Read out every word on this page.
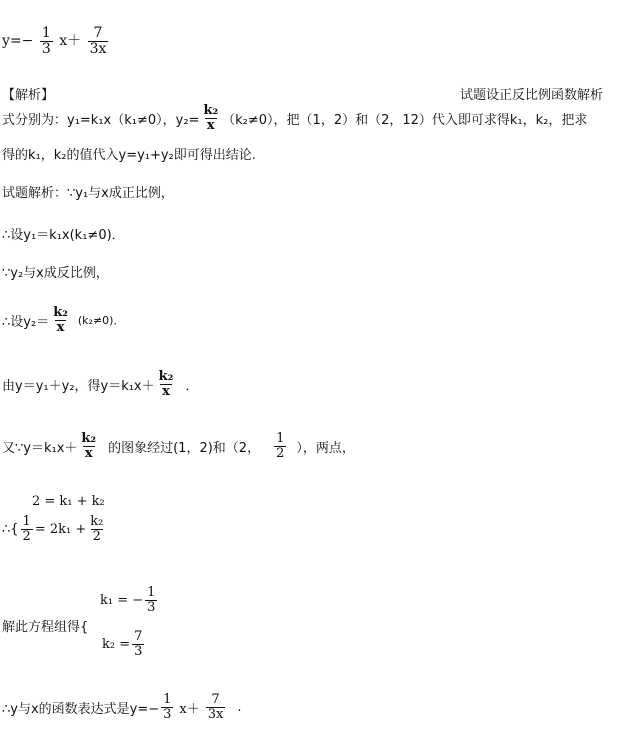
$y=- \frac{1}{3} x+ \frac{7}{3x}$
【解析】	试题设正反比例函数解析
式分别为：y₁=k₁x（k₁≠0），$y_2= \frac{\text{k₂}}{x} (k_2\ne 0)$，把（1，2）和（2，12）代入即可求得k₁，k₂，把求
得的k₁，k₂的值代入y=y₁+y₂即可得出结论.
试题解析：∵y₁与x成正比例，
∴设y₁＝k₁x(k₁≠0)．
∵y₂与x成反比例，
∴设$y_2= \frac{\text{k₂}}{x} (k_2\ne 0)$．
由y＝y₁＋y₂，得$y=k_1x+ \frac{\text{k₂}}{x}$ ．
又∵y＝k₁x＋ $\frac{\text{k₂}}{x}$ 的图象经过(1，2)和（2， $\frac{1}{2}$ ），两点，
2 = k₁ + k₂
∴{ $\frac{1}{2} = 2k_1 + \frac{\text{k₂}}{2}$
k₁ = − $\frac{1}{3}$
解此方程组得{
$k_2 = \frac{7}{3}$
∴y与x的函数表达式是$y=- \frac{1}{3} x+ \frac{7}{3x}$ .
